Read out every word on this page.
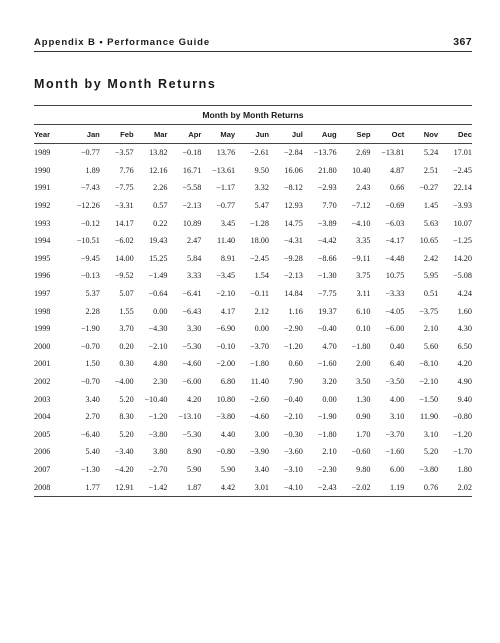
Appendix B • Performance Guide	367
Month by Month Returns
Month by Month Returns
Year	Jan	Feb	Mar	Apr	May	Jun	Jul	Aug	Sep	Oct	Nov	Dec
1989	−0.77	−3.57	13.82	−0.18	13.76	−2.61	−2.84	−13.76	2.69	−13.81	5.24	17.01
1990	1.89	7.76	12.16	16.71	−13.61	9.50	16.06	21.80	10.40	4.87	2.51	−2.45
1991	−7.43	−7.75	2.26	−5.58	−1.17	3.32	−8.12	−2.93	2.43	0.66	−0.27	22.14
1992	−12.26	−3.31	0.57	−2.13	−0.77	5.47	12.93	7.70	−7.12	−0.69	1.45	−3.93
1993	−0.12	14.17	0.22	10.89	3.45	−1.28	14.75	−3.89	−4.10	−6.03	5.63	10.07
1994	−10.51	−6.02	19.43	2.47	11.40	18.00	−4.31	−4.42	3.35	−4.17	10.65	−1.25
1995	−9.45	14.00	15.25	5.84	8.91	−2.45	−9.28	−8.66	−9.11	−4.48	2.42	14.20
1996	−0.13	−9.52	−1.49	3.33	−3.45	1.54	−2.13	−1.30	3.75	10.75	5.95	−5.08
1997	5.37	5.07	−0.64	−6.41	−2.10	−0.11	14.84	−7.75	3.11	−3.33	0.51	4.24
1998	2.28	1.55	0.00	−6.43	4.17	2.12	1.16	19.37	6.10	−4.05	−3.75	1.60
1999	−1.90	3.70	−4.30	3.30	−6.90	0.00	−2.90	−0.40	0.10	−6.00	2.10	4.30
2000	−0.70	0.20	−2.10	−5.30	−0.10	−3.70	−1.20	4.70	−1.80	0.40	5.60	6.50
2001	1.50	0.30	4.80	−4.60	−2.00	−1.80	0.60	−1.60	2.00	6.40	−8.10	4.20
2002	−0.70	−4.00	2.30	−6.00	6.80	11.40	7.90	3.20	3.50	−3.50	−2.10	4.90
2003	3.40	5.20	−10.40	4.20	10.80	−2.60	−0.40	0.00	1.30	4.00	−1.50	9.40
2004	2.70	8.30	−1.20	−13.10	−3.80	−4.60	−2.10	−1.90	0.90	3.10	11.90	−0.80
2005	−6.40	5.20	−3.80	−5.30	4.40	3.00	−0.30	−1.80	1.70	−3.70	3.10	−1.20
2006	5.40	−3.40	3.80	8.90	−0.80	−3.90	−3.60	2.10	−0.60	−1.60	5.20	−1.70
2007	−1.30	−4.20	−2.70	5.90	5.90	3.40	−3.10	−2.30	9.80	6.00	−3.80	1.80
2008	1.77	12.91	−1.42	1.87	4.42	3.01	−4.10	−2.43	−2.02	1.19	0.76	2.02
